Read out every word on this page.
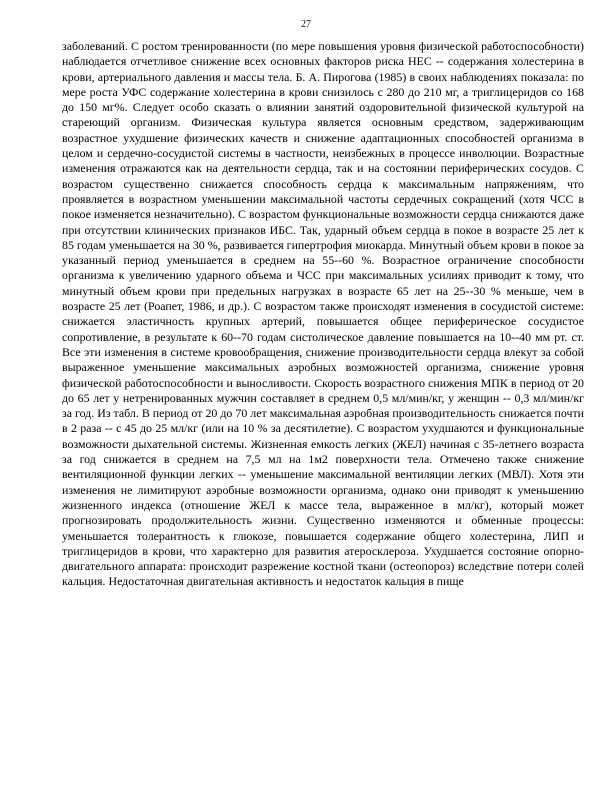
27

заболеваний. С ростом тренированности (по мере повышения уровня физической работоспособности) наблюдается отчетливое снижение всех основных факторов риска НЕС -- содержания холестерина в крови, артериального давления и массы тела. Б. А. Пирогова (1985) в своих наблюдениях показала: по мере роста УФС содержание холестерина в крови снизилось с 280 до 210 мг, а триглицеридов со 168 до 150 мг%. Следует особо сказать о влиянии занятий оздоровительной физической культурой на стареющий организм. Физическая культура является основным средством, задерживающим возрастное ухудшение физических качеств и снижение адаптационных способностей организма в целом и сердечно-сосудистой системы в частности, неизбежных в процессе инволюции. Возрастные изменения отражаются как на деятельности сердца, так и на состоянии периферических сосудов. С возрастом существенно снижается способность сердца к максимальным напряжениям, что проявляется в возрастном уменьшении максимальной частоты сердечных сокращений (хотя ЧСС в покое изменяется незначительно). С возрастом функциональные возможности сердца снижаются даже при отсутствии клинических признаков ИБС. Так, ударный объем сердца в покое в возрасте 25 лет к 85 годам уменьшается на 30 %, развивается гипертрофия миокарда. Минутный объем крови в покое за указанный период уменьшается в среднем на 55--60 %. Возрастное ограничение способности организма к увеличению ударного объема и ЧСС при максимальных усилиях приводит к тому, что минутный объем крови при предельных нагрузках в возрасте 65 лет на 25--30 % меньше, чем в возрасте 25 лет (Роапет, 1986, и др.). С возрастом также происходят изменения в сосудистой системе: снижается эластичность крупных артерий, повышается общее периферическое сосудистое сопротивление, в результате к 60--70 годам систолическое давление повышается на 10--40 мм рт. ст. Все эти изменения в системе кровообращения, снижение производительности сердца влекут за собой выраженное уменьшение максимальных аэробных возможностей организма, снижение уровня физической работоспособности и выносливости. Скорость возрастного снижения МПК в период от 20 до 65 лет у нетренированных мужчин составляет в среднем 0,5 мл/мин/кг, у женщин -- 0,3 мл/мин/кг за год. Из табл. В период от 20 до 70 лет максимальная аэробная производительность снижается почти в 2 раза -- с 45 до 25 мл/кг (или на 10 % за десятилетие). С возрастом ухудшаются и функциональные возможности дыхательной системы. Жизненная емкость легких (ЖЕЛ) начиная с 35-летнего возраста за год снижается в среднем на 7,5 мл на 1м2 поверхности тела. Отмечено также снижение вентиляционной функции легких -- уменьшение максимальной вентиляции легких (МВЛ). Хотя эти изменения не лимитируют аэробные возможности организма, однако они приводят к уменьшению жизненного индекса (отношение ЖЕЛ к массе тела, выраженное в мл/кг), который может прогнозировать продолжительность жизни. Существенно изменяются и обменные процессы: уменьшается толерантность к глюкозе, повышается содержание общего холестерина, ЛИП и триглицеридов в крови, что характерно для развития атеросклероза. Ухудшается состояние опорно-двигательного аппарата: происходит разрежение костной ткани (остеопороз) вследствие потери солей кальция. Недостаточная двигательная активность и недостаток кальция в пище
